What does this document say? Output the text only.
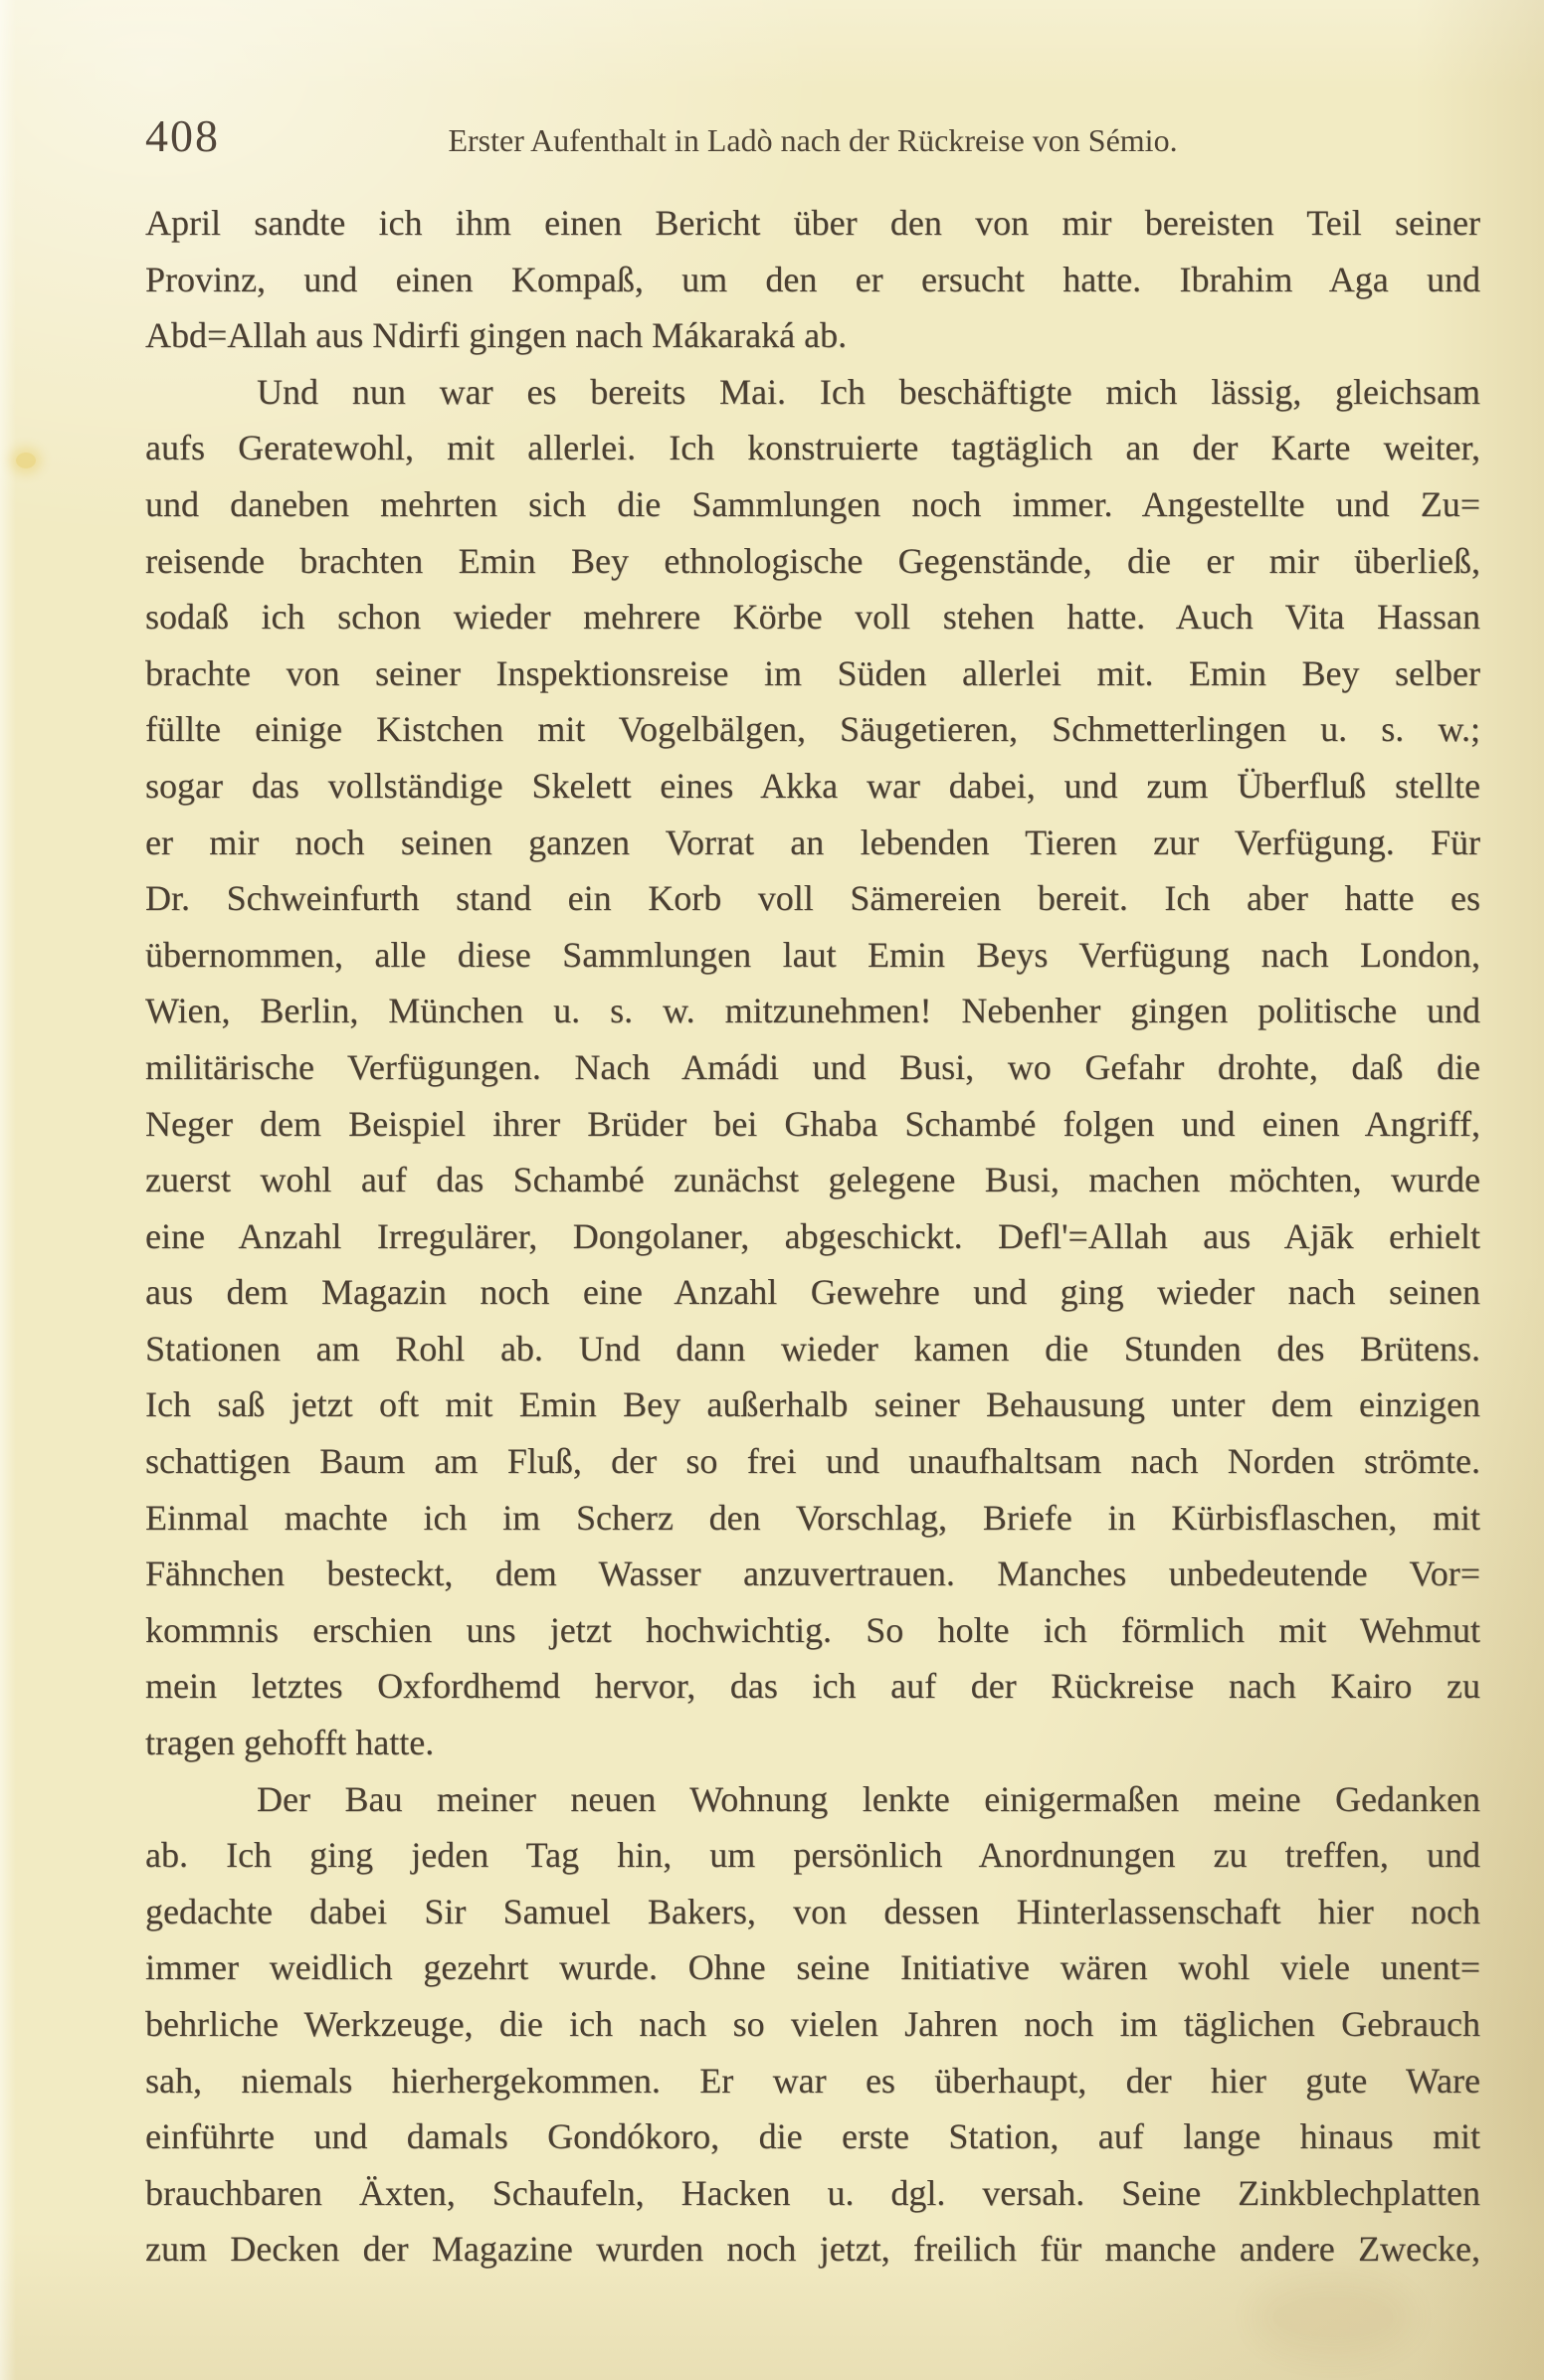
408	Erster Aufenthalt in Ladò nach der Rückreise von Sémio.
April sandte ich ihm einen Bericht über den von mir bereisten Teil seiner
Provinz, und einen Kompaß, um den er ersucht hatte. Ibrahim Aga und
Abd=Allah aus Ndirfi gingen nach Mákaraká ab.
Und nun war es bereits Mai. Ich beschäftigte mich lässig, gleichsam
aufs Geratewohl, mit allerlei. Ich konstruierte tagtäglich an der Karte weiter,
und daneben mehrten sich die Sammlungen noch immer. Angestellte und Zu=
reisende brachten Emin Bey ethnologische Gegenstände, die er mir überließ,
sodaß ich schon wieder mehrere Körbe voll stehen hatte. Auch Vita Hassan
brachte von seiner Inspektionsreise im Süden allerlei mit. Emin Bey selber
füllte einige Kistchen mit Vogelbälgen, Säugetieren, Schmetterlingen u. s. w.;
sogar das vollständige Skelett eines Akka war dabei, und zum Überfluß stellte
er mir noch seinen ganzen Vorrat an lebenden Tieren zur Verfügung. Für
Dr. Schweinfurth stand ein Korb voll Sämereien bereit. Ich aber hatte es
übernommen, alle diese Sammlungen laut Emin Beys Verfügung nach London,
Wien, Berlin, München u. s. w. mitzunehmen! Nebenher gingen politische und
militärische Verfügungen. Nach Amádi und Busi, wo Gefahr drohte, daß die
Neger dem Beispiel ihrer Brüder bei Ghaba Schambé folgen und einen Angriff,
zuerst wohl auf das Schambé zunächst gelegene Busi, machen möchten, wurde
eine Anzahl Irregulärer, Dongolaner, abgeschickt. Defl'=Allah aus Ajāk erhielt
aus dem Magazin noch eine Anzahl Gewehre und ging wieder nach seinen
Stationen am Rohl ab. Und dann wieder kamen die Stunden des Brütens.
Ich saß jetzt oft mit Emin Bey außerhalb seiner Behausung unter dem einzigen
schattigen Baum am Fluß, der so frei und unaufhaltsam nach Norden strömte.
Einmal machte ich im Scherz den Vorschlag, Briefe in Kürbisflaschen, mit
Fähnchen besteckt, dem Wasser anzuvertrauen. Manches unbedeutende Vor=
kommnis erschien uns jetzt hochwichtig. So holte ich förmlich mit Wehmut
mein letztes Oxfordhemd hervor, das ich auf der Rückreise nach Kairo zu
tragen gehofft hatte.
Der Bau meiner neuen Wohnung lenkte einigermaßen meine Gedanken
ab. Ich ging jeden Tag hin, um persönlich Anordnungen zu treffen, und
gedachte dabei Sir Samuel Bakers, von dessen Hinterlassenschaft hier noch
immer weidlich gezehrt wurde. Ohne seine Initiative wären wohl viele unent=
behrliche Werkzeuge, die ich nach so vielen Jahren noch im täglichen Gebrauch
sah, niemals hierhergekommen. Er war es überhaupt, der hier gute Ware
einführte und damals Gondókoro, die erste Station, auf lange hinaus mit
brauchbaren Äxten, Schaufeln, Hacken u. dgl. versah. Seine Zinkblechplatten
zum Decken der Magazine wurden noch jetzt, freilich für manche andere Zwecke,
